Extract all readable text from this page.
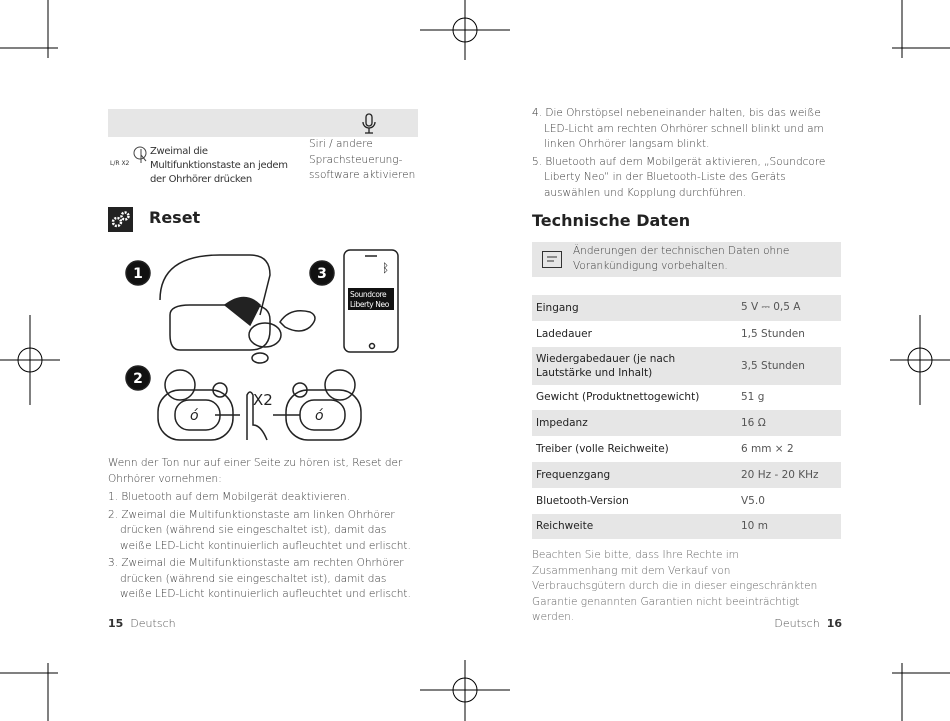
L/R X2
Zweimal die Multifunktionstaste an jedem der Ohrhörer drücken
Siri / andere Sprachsteuerung-ssoftware aktivieren
Reset
1	3
Soundcore
Liberty Neo
ᛒ
2
ó	ó
X2
Wenn der Ton nur auf einer Seite zu hören ist, Reset der Ohrhörer vornehmen:
1. Bluetooth auf dem Mobilgerät deaktivieren.
2. Zweimal die Multifunktionstaste am linken Ohrhörer drücken (während sie eingeschaltet ist), damit das weiße LED-Licht kontinuierlich aufleuchtet und erlischt.
3. Zweimal die Multifunktionstaste am rechten Ohrhörer drücken (während sie eingeschaltet ist), damit das weiße LED-Licht kontinuierlich aufleuchtet und erlischt.
15 Deutsch
4. Die Ohrstöpsel nebeneinander halten, bis das weiße LED-Licht am rechten Ohrhörer schnell blinkt und am linken Ohrhörer langsam blinkt.
5. Bluetooth auf dem Mobilgerät aktivieren, „Soundcore Liberty Neo“ in der Bluetooth-Liste des Geräts auswählen und Kopplung durchführen.
Technische Daten
Änderungen der technischen Daten ohne Vorankündigung vorbehalten.
Eingang	5 V ⎓ 0,5 A
Ladedauer	1,5 Stunden
Wiedergabedauer (je nach Lautstärke und Inhalt)	3,5 Stunden
Gewicht (Produktnettogewicht)	51 g
Impedanz	16 Ω
Treiber (volle Reichweite)	6 mm × 2
Frequenzgang	20 Hz - 20 KHz
Bluetooth-Version	V5.0
Reichweite	10 m
Beachten Sie bitte, dass Ihre Rechte im Zusammenhang mit dem Verkauf von Verbrauchsgütern durch die in dieser eingeschränkten Garantie genannten Garantien nicht beeinträchtigt werden.	Deutsch 16
